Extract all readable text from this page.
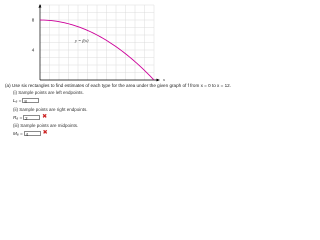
y
x
y = f(x)
8
4
(a) Use six rectangles to find estimates of each type for the area under the given graph of f from x = 0 to x = 12.
(i) Sample points are left endpoints.
L₆ = 8
(ii) Sample points are right endpoints.
R₆ = 2	✖
(iii) Sample points are midpoints.
M₆ = 4	✖
